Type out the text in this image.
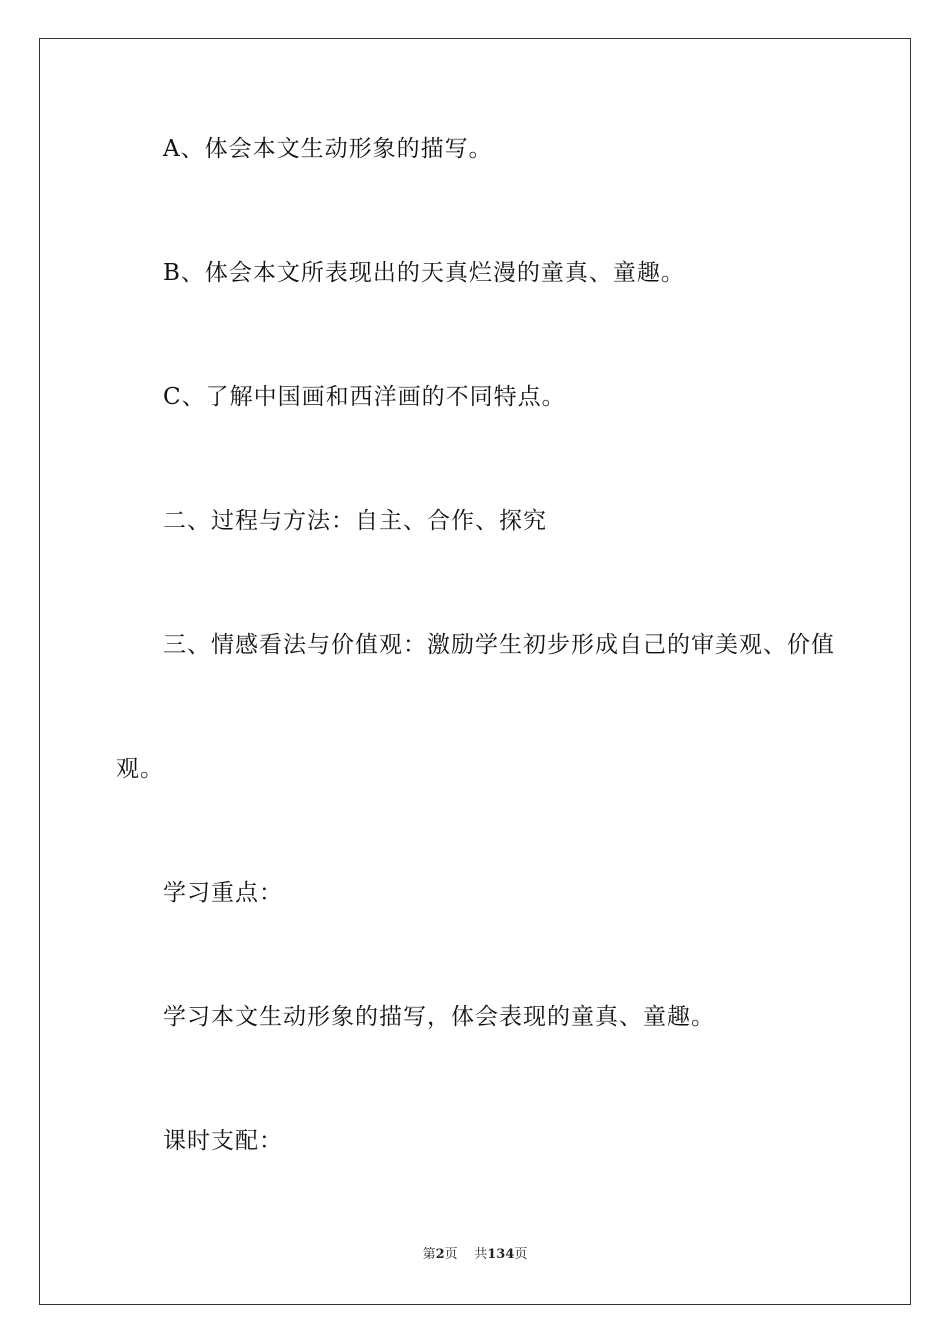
A、体会本文生动形象的描写。
B、体会本文所表现出的天真烂漫的童真、童趣。
C、了解中国画和西洋画的不同特点。
二、过程与方法：自主、合作、探究
三、情感看法与价值观：激励学生初步形成自己的审美观、价值
观。
学习重点：
学习本文生动形象的描写，体会表现的童真、童趣。
课时支配：
第2页 共134页
